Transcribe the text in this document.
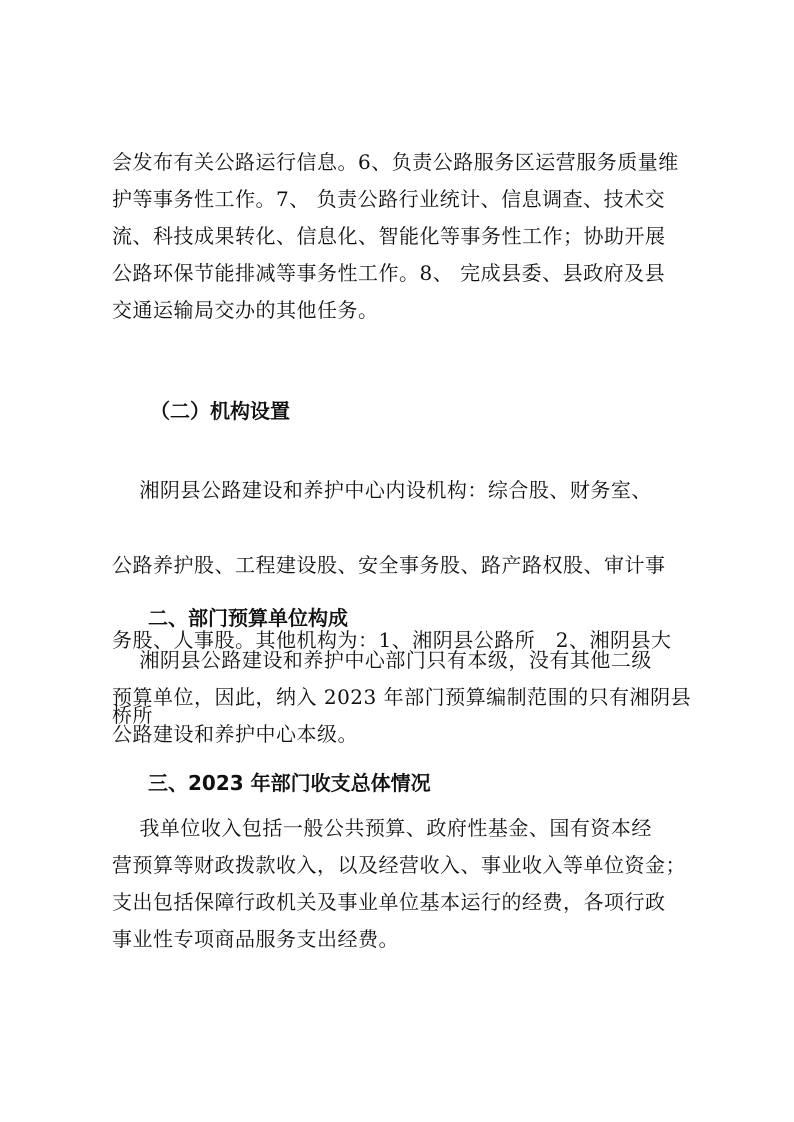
会发布有关公路运行信息。6、负责公路服务区运营服务质量维
护等事务性工作。7、 负责公路行业统计、信息调查、技术交
流、科技成果转化、信息化、智能化等事务性工作；协助开展
公路环保节能排减等事务性工作。8、 完成县委、县政府及县
交通运输局交办的其他任务。
（二）机构设置

湘阴县公路建设和养护中心内设机构：综合股、财务室、

公路养护股、工程建设股、安全事务股、路产路权股、审计事

务股、人事股。其他机构为：1、湘阴县公路所   2、湘阴县大

桥所

二、部门预算单位构成
湘阴县公路建设和养护中心部门只有本级，没有其他二级
预算单位，因此，纳入 2023 年部门预算编制范围的只有湘阴县
公路建设和养护中心本级。
三、2023 年部门收支总体情况
我单位收入包括一般公共预算、政府性基金、国有资本经
营预算等财政拨款收入，以及经营收入、事业收入等单位资金；
支出包括保障行政机关及事业单位基本运行的经费，各项行政
事业性专项商品服务支出经费。
